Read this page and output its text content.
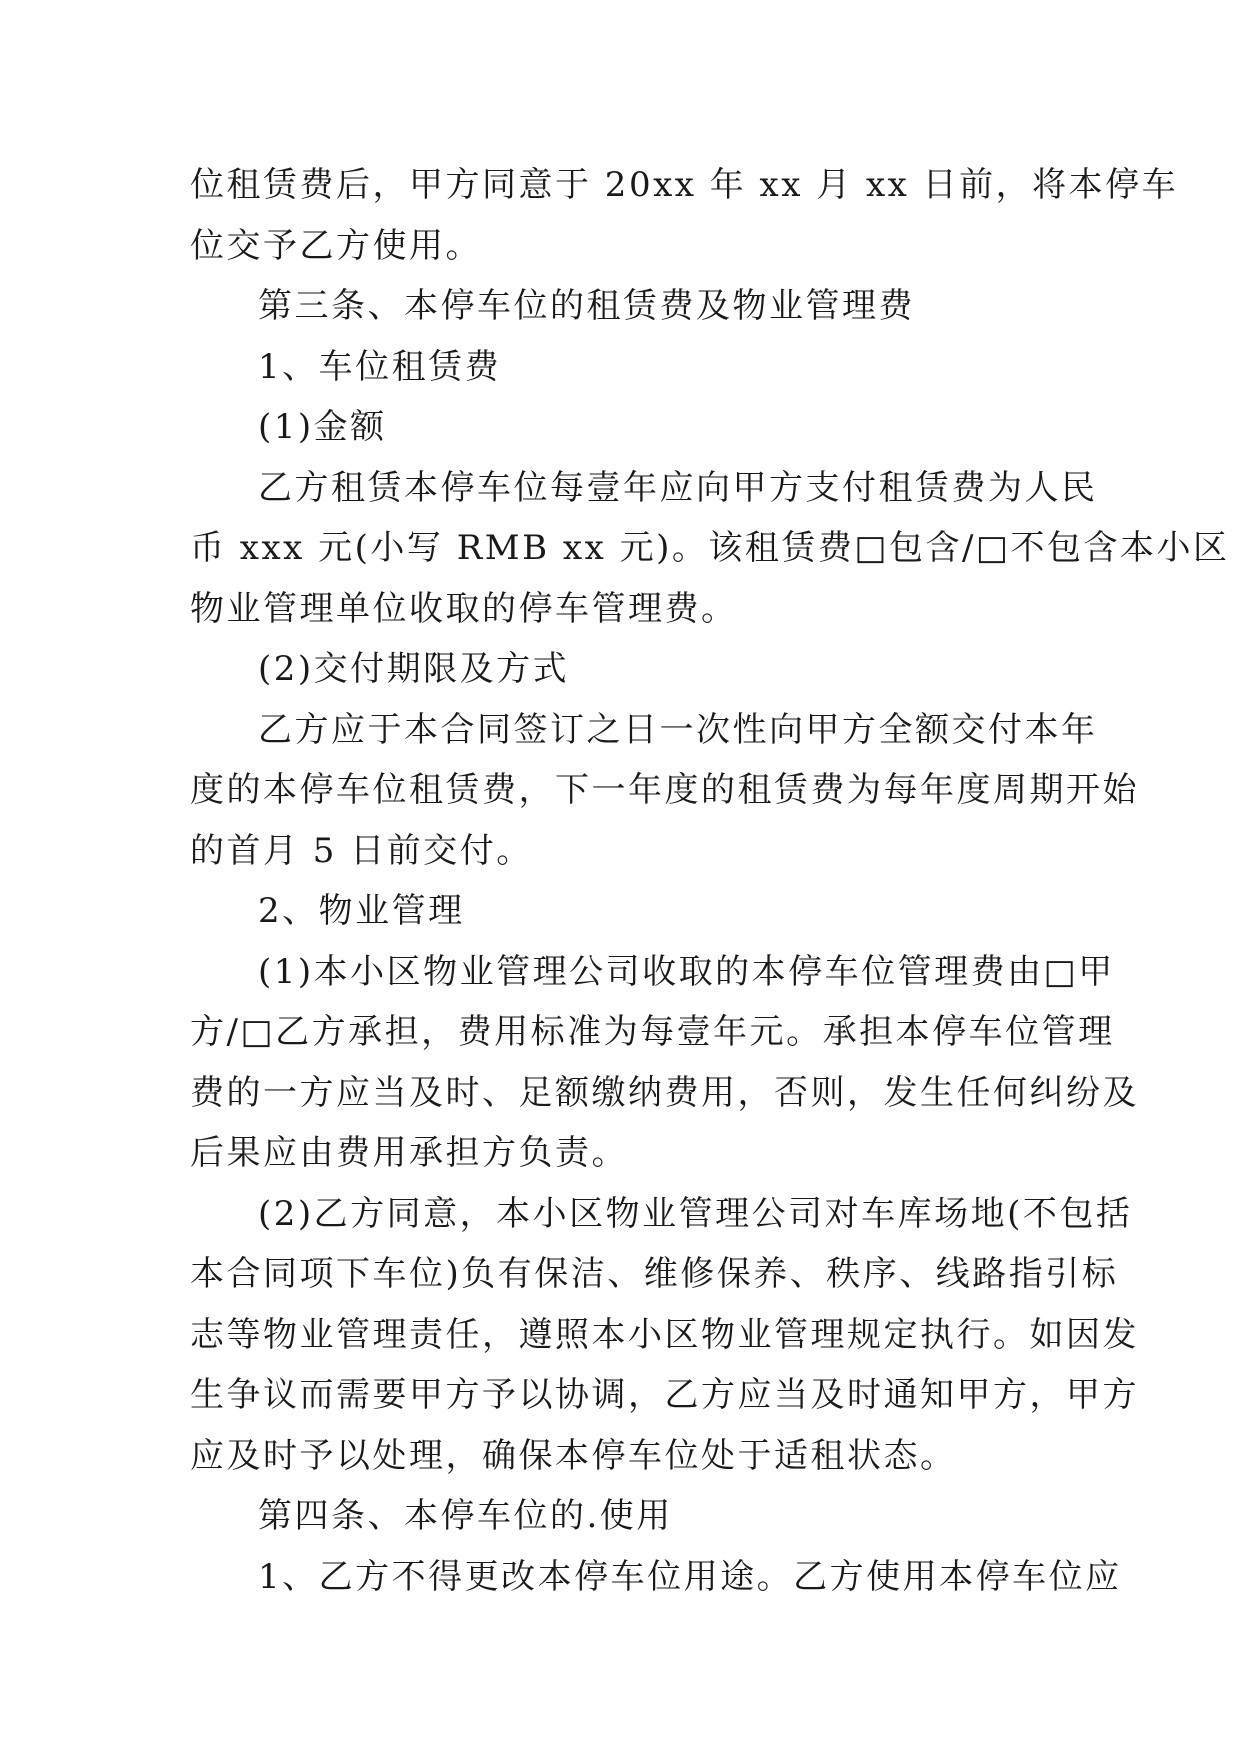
位租赁费后，甲方同意于 20xx 年 xx 月 xx 日前，将本停车
位交予乙方使用。
第三条、本停车位的租赁费及物业管理费
1、车位租赁费
(1)金额
乙方租赁本停车位每壹年应向甲方支付租赁费为人民
币 xxx 元(小写 RMB xx 元)。该租赁费□包含/□不包含本小区
物业管理单位收取的停车管理费。
(2)交付期限及方式
乙方应于本合同签订之日一次性向甲方全额交付本年
度的本停车位租赁费，下一年度的租赁费为每年度周期开始
的首月 5 日前交付。
2、物业管理
(1)本小区物业管理公司收取的本停车位管理费由□甲
方/□乙方承担，费用标准为每壹年元。承担本停车位管理
费的一方应当及时、足额缴纳费用，否则，发生任何纠纷及
后果应由费用承担方负责。
(2)乙方同意，本小区物业管理公司对车库场地(不包括
本合同项下车位)负有保洁、维修保养、秩序、线路指引标
志等物业管理责任，遵照本小区物业管理规定执行。如因发
生争议而需要甲方予以协调，乙方应当及时通知甲方，甲方
应及时予以处理，确保本停车位处于适租状态。
第四条、本停车位的.使用
1、乙方不得更改本停车位用途。乙方使用本停车位应
